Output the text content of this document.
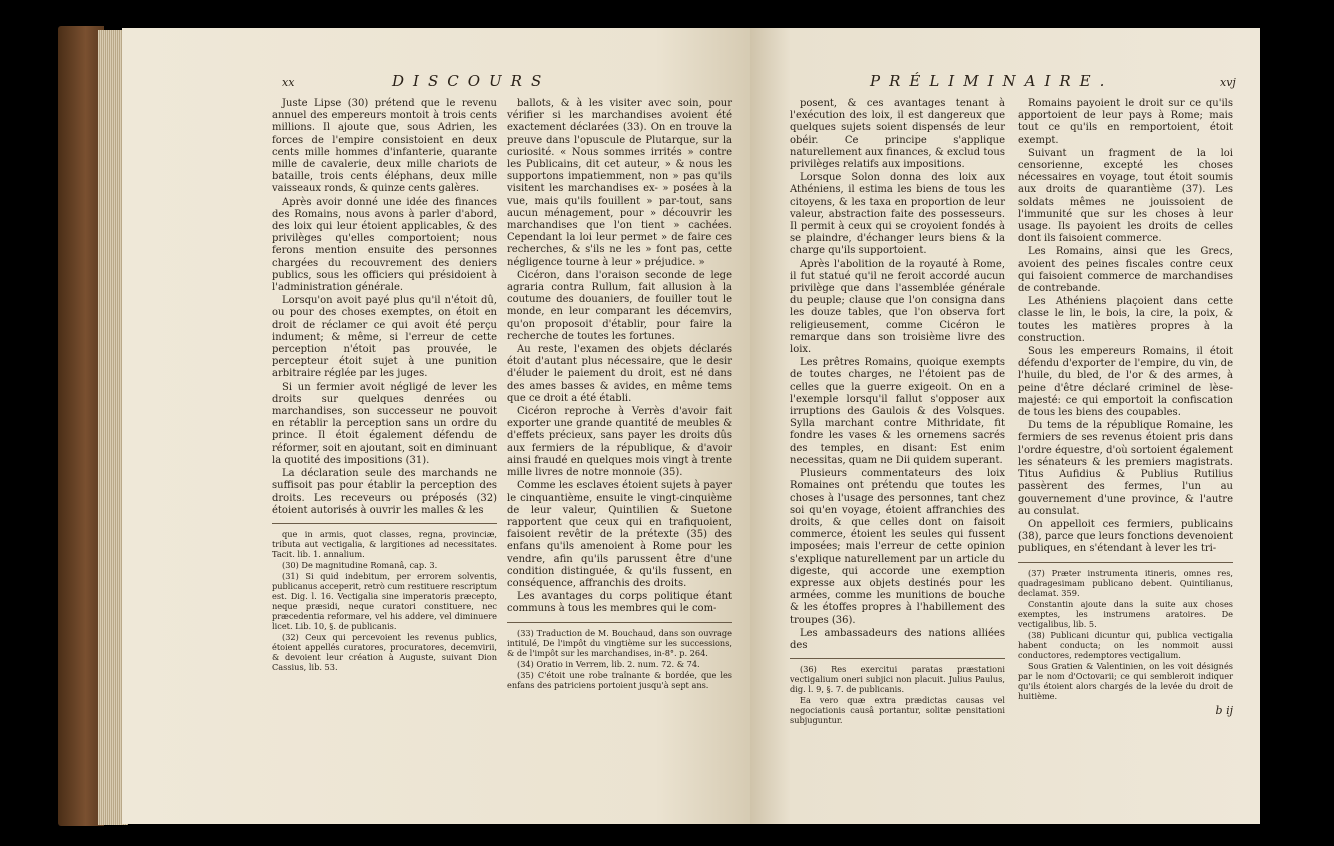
xx	DISCOURS

Juste Lipse (30) prétend que le revenu annuel des empereurs montoit à trois cents millions. Il ajoute que, sous Adrien, les forces de l'empire consistoient en deux cents mille hommes d'infanterie, quarante mille de cavalerie, deux mille chariots de bataille, trois cents éléphans, deux mille vaisseaux ronds, & quinze cents galères.

Après avoir donné une idée des finances des Romains, nous avons à parler d'abord, des loix qui leur étoient applicables, & des privilèges qu'elles comportoient; nous ferons mention ensuite des personnes chargées du recouvrement des deniers publics, sous les officiers qui présidoient à l'administration générale.

Lorsqu'on avoit payé plus qu'il n'étoit dû, ou pour des choses exemptes, on étoit en droit de réclamer ce qui avoit été perçu indument; & même, si l'erreur de cette perception n'étoit pas prouvée, le percepteur étoit sujet à une punition arbitraire réglée par les juges.

Si un fermier avoit négligé de lever les droits sur quelques denrées ou marchandises, son successeur ne pouvoit en rétablir la perception sans un ordre du prince. Il étoit également défendu de réformer, soit en ajoutant, soit en diminuant la quotité des impositions (31).

La déclaration seule des marchands ne suffisoit pas pour établir la perception des droits. Les receveurs ou préposés (32) étoient autorisés à ouvrir les malles & les

que in armis, quot classes, regna, provinciæ, tributa aut vectigalia, & largitiones ad necessitates. Tacit. lib. 1. annalium.

(30) De magnitudine Romanâ, cap. 3.

(31) Si quid indebitum, per errorem solventis, publicanus acceperit, retrò cum restituere rescriptum est. Dig. l. 16. Vectigalia sine imperatoris præcepto, neque præsidi, neque curatori constituere, nec præcedentia reformare, vel his addere, vel diminuere licet. Lib. 10, §. de publicanis.

(32) Ceux qui percevoient les revenus publics, étoient appellés curatores, procuratores, decemvirii, & devoient leur création à Auguste, suivant Dion Cassius, lib. 53.

ballots, & à les visiter avec soin, pour vérifier si les marchandises avoient été exactement déclarées (33). On en trouve la preuve dans l'opuscule de Plutarque, sur la curiosité. « Nous sommes irrités » contre les Publicains, dit cet auteur, » & nous les supportons impatiemment, non » pas qu'ils visitent les marchandises ex- » posées à la vue, mais qu'ils fouillent » par-tout, sans aucun ménagement, pour » découvrir les marchandises que l'on tient » cachées. Cependant la loi leur permet » de faire ces recherches, & s'ils ne les » font pas, cette négligence tourne à leur » préjudice. »

Cicéron, dans l'oraison seconde de lege agraria contra Rullum, fait allusion à la coutume des douaniers, de fouiller tout le monde, en leur comparant les décemvirs, qu'on proposoit d'établir, pour faire la recherche de toutes les fortunes.

Au reste, l'examen des objets déclarés étoit d'autant plus nécessaire, que le desir d'éluder le paiement du droit, est né dans des ames basses & avides, en même tems que ce droit a été établi.

Cicéron reproche à Verrès d'avoir fait exporter une grande quantité de meubles & d'effets précieux, sans payer les droits dûs aux fermiers de la république, & d'avoir ainsi fraudé en quelques mois vingt à trente mille livres de notre monnoie (35).

Comme les esclaves étoient sujets à payer le cinquantième, ensuite le vingt-cinquième de leur valeur, Quintilien & Suetone rapportent que ceux qui en trafiquoient, faisoient revêtir de la prétexte (35) des enfans qu'ils amenoient à Rome pour les vendre, afin qu'ils parussent être d'une condition distinguée, & qu'ils fussent, en conséquence, affranchis des droits.

Les avantages du corps politique étant communs à tous les membres qui le com-

(33) Traduction de M. Bouchaud, dans son ouvrage intitulé, De l'impôt du vingtième sur les successions, & de l'impôt sur les marchandises, in-8°. p. 264.

(34) Oratio in Verrem, lib. 2. num. 72. & 74.

(35) C'étoit une robe traînante & bordée, que les enfans des patriciens portoient jusqu'à sept ans.

PRÉLIMINAIRE.	xvj

posent, & ces avantages tenant à l'exécution des loix, il est dangereux que quelques sujets soient dispensés de leur obéir. Ce principe s'applique naturellement aux finances, & exclud tous privilèges relatifs aux impositions.

Lorsque Solon donna des loix aux Athéniens, il estima les biens de tous les citoyens, & les taxa en proportion de leur valeur, abstraction faite des possesseurs. Il permit à ceux qui se croyoient fondés à se plaindre, d'échanger leurs biens & la charge qu'ils supportoient.

Après l'abolition de la royauté à Rome, il fut statué qu'il ne feroit accordé aucun privilège que dans l'assemblée générale du peuple; clause que l'on consigna dans les douze tables, que l'on observa fort religieusement, comme Cicéron le remarque dans son troisième livre des loix.

Les prêtres Romains, quoique exempts de toutes charges, ne l'étoient pas de celles que la guerre exigeoit. On en a l'exemple lorsqu'il fallut s'opposer aux irruptions des Gaulois & des Volsques. Sylla marchant contre Mithridate, fit fondre les vases & les ornemens sacrés des temples, en disant: Est enim necessitas, quam ne Dii quidem superant.

Plusieurs commentateurs des loix Romaines ont prétendu que toutes les choses à l'usage des personnes, tant chez soi qu'en voyage, étoient affranchies des droits, & que celles dont on faisoit commerce, étoient les seules qui fussent imposées; mais l'erreur de cette opinion s'explique naturellement par un article du digeste, qui accorde une exemption expresse aux objets destinés pour les armées, comme les munitions de bouche & les étoffes propres à l'habillement des troupes (36).

Les ambassadeurs des nations alliées des

(36) Res exercitui paratas præstationi vectigalium oneri subjici non placuit. Julius Paulus, dig. l. 9, §. 7. de publicanis.

Ea vero quæ extra prædictas causas vel negociationis causâ portantur, solitæ pensitationi subjuguntur.

Romains payoient le droit sur ce qu'ils apportoient de leur pays à Rome; mais tout ce qu'ils en remportoient, étoit exempt.

Suivant un fragment de la loi censorienne, excepté les choses nécessaires en voyage, tout étoit soumis aux droits de quarantième (37). Les soldats mêmes ne jouissoient de l'immunité que sur les choses à leur usage. Ils payoient les droits de celles dont ils faisoient commerce.

Les Romains, ainsi que les Grecs, avoient des peines fiscales contre ceux qui faisoient commerce de marchandises de contrebande.

Les Athéniens plaçoient dans cette classe le lin, le bois, la cire, la poix, & toutes les matières propres à la construction.

Sous les empereurs Romains, il étoit défendu d'exporter de l'empire, du vin, de l'huile, du bled, de l'or & des armes, à peine d'être déclaré criminel de lèse-majesté: ce qui emportoit la confiscation de tous les biens des coupables.

Du tems de la république Romaine, les fermiers de ses revenus étoient pris dans l'ordre équestre, d'où sortoient également les sénateurs & les premiers magistrats. Titus Aufidius & Publius Rutilius passèrent des fermes, l'un au gouvernement d'une province, & l'autre au consulat.

On appelloit ces fermiers, publicains (38), parce que leurs fonctions devenoient publiques, en s'étendant à lever les tri-

(37) Præter instrumenta itineris, omnes res, quadragesimam publicano debent. Quintilianus, declamat. 359.

Constantin ajoute dans la suite aux choses exemptes, les instrumens aratoires. De vectigalibus, lib. 5.

(38) Publicani dicuntur qui, publica vectigalia habent conducta; on les nommoit aussi conductores, redemptores vectigalium.

Sous Gratien & Valentinien, on les voit désignés par le nom d'Octovarii; ce qui sembleroit indiquer qu'ils étoient alors chargés de la levée du droit de huitième.

b ij
